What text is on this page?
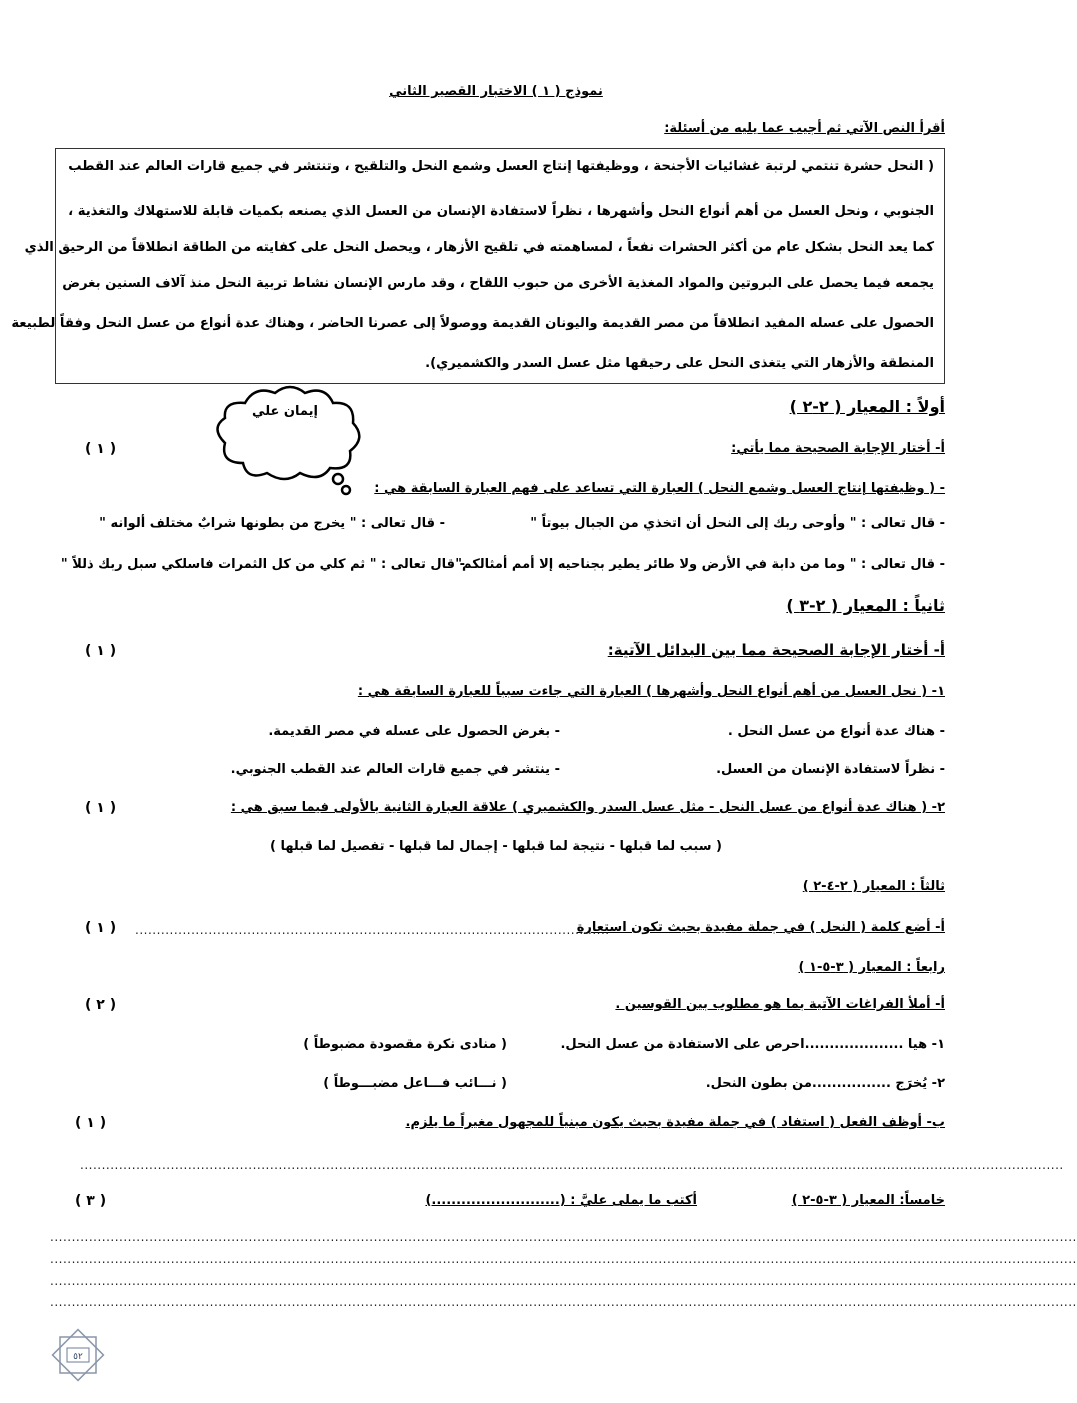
نموذج ( ١ ) الاختبار القصير الثاني
أقرأ النص الآتي ثم أجيب عما يليه من أسئلة:
( النحل حشرة تنتمي لرتبة غشائيات الأجنحة ، ووظيفتها إنتاج العسل وشمع النحل والتلقيح ، وتنتشر في جميع قارات العالم عند القطب
الجنوبي ، ونحل العسل من أهم أنواع النحل وأشهرها ، نظراً لاستفادة الإنسان من العسل الذي يصنعه بكميات قابلة للاستهلاك والتغذية ،
كما يعد النحل بشكل عام من أكثر الحشرات نفعاً ، لمساهمته في تلقيح الأزهار ، ويحصل النحل على كفايته من الطاقة انطلاقاً من الرحيق الذي
يجمعه فيما يحصل على البروتين والمواد المغذية الأخرى من حبوب اللقاح ، وقد مارس الإنسان نشاط تربية النحل منذ آلاف السنين بغرض
الحصول على عسله المفيد انطلاقاً من مصر القديمة واليونان القديمة ووصولاً إلى عصرنا الحاضر ، وهناك عدة أنواع من عسل النحل وفقاً لطبيعة
المنطقة والأزهار التي يتغذى النحل على رحيقها مثل عسل السدر والكشميري).
إيمان علي	أولاً : المعيار ( ٢-٢ )
أ- أختار الإجابة الصحيحة مما يأتي:
( ١ )
- ( وظيفتها إنتاج العسل وشمع النحل ) العبارة التي تساعد على فهم العبارة السابقة هي :
- قال تعالى : " وأوحى ربك إلى النحل أن اتخذي من الجبال بيوتاً "
- قال تعالى : " يخرج من بطونها شرابٌ مختلف ألوانه "
- قال تعالى : " وما من دابة في الأرض ولا طائر يطير بجناحيه إلا أمم أمثالكم"
- قال تعالى : " ثم كلي من كل الثمرات فاسلكي سبل ربك ذللاً "
ثانياً : المعيار ( ٢-٣ )
أ- أختار الإجابة الصحيحة مما بين البدائل الآتية:
( ١ )
١- ( نحل العسل من أهم أنواع النحل وأشهرها ) العبارة التي جاءت سبباً للعبارة السابقة هي :
- هناك عدة أنواع من عسل النحل .
- بغرض الحصول على عسله في مصر القديمة.
- نظراً لاستفادة الإنسان من العسل.
- ينتشر في جميع قارات العالم عند القطب الجنوبي.
٢- ( هناك عدة أنواع من عسل النحل - مثل عسل السدر والكشميري ) علاقة العبارة الثانية بالأولى فيما سبق هي :
( ١ )
( سبب لما قبلها - نتيجة لما قبلها - إجمال لما قبلها - تفصيل لما قبلها )
ثالثاً : المعيار ( ٢-٤-٢ )
أ- أضع كلمة ( النحل ) في جملة مفيدة بحيث تكون استعارة
..............................................................................................................
( ١ )
رابعاً : المعيار ( ٣-٥-١ )
أ- أملأ الفراغات الآتية بما هو مطلوب بين القوسين .
( ٢ )
١- هيا ....................احرص على الاستفادة من عسل النحل.
( منادى نكرة مقصودة مضبوطاً )
٢- يُخرَج ................من بطون النحل.
( نـــائب فـــاعل مضبـــوطاً )
ب- أوظف الفعل ( استفاد ) في جملة مفيدة بحيث يكون مبنياً للمجهول مغيراً ما يلزم.
( ١ )
....................................................................................................................................................................................................................................
خامساً: المعيار ( ٣-٥-٢ )
أكتب ما يملى عليَّ : (..........................)
( ٣ )
..............................................................................................................................................................................................................................................
..............................................................................................................................................................................................................................................
..............................................................................................................................................................................................................................................
..............................................................................................................................................................................................................................................
٥٢
